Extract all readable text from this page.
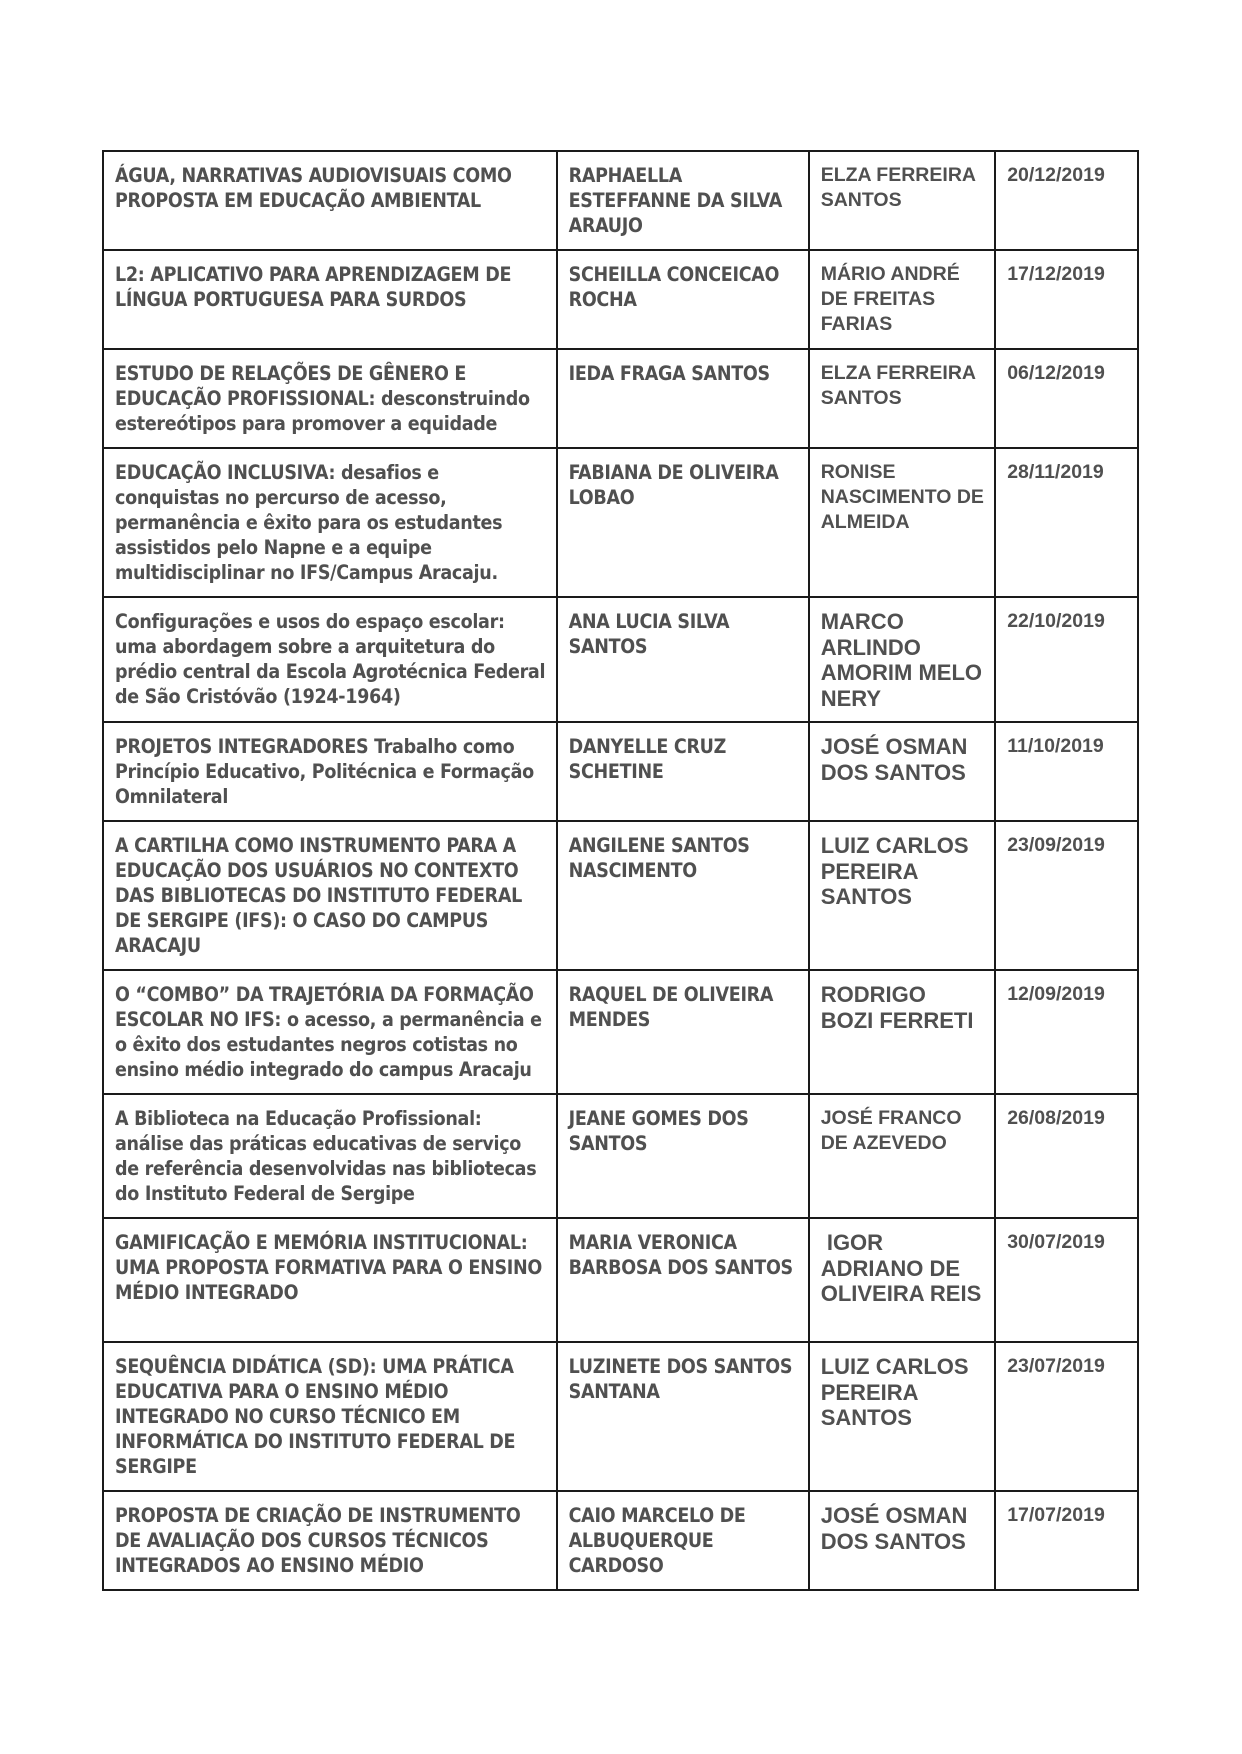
ÁGUA, NARRATIVAS AUDIOVISUAIS COMO PROPOSTA EM EDUCAÇÃO AMBIENTAL	RAPHAELLA ESTEFFANNE DA SILVA ARAUJO	ELZA FERREIRA SANTOS	20/12/2019

L2: APLICATIVO PARA APRENDIZAGEM DE LÍNGUA PORTUGUESA PARA SURDOS	SCHEILLA CONCEICAO ROCHA	MÁRIO ANDRÉ DE FREITAS FARIAS	17/12/2019

ESTUDO DE RELAÇÕES DE GÊNERO E EDUCAÇÃO PROFISSIONAL: desconstruindo estereótipos para promover a equidade	IEDA FRAGA SANTOS	ELZA FERREIRA SANTOS	06/12/2019

EDUCAÇÃO INCLUSIVA: desafios e conquistas no percurso de acesso, permanência e êxito para os estudantes assistidos pelo Napne e a equipe multidisciplinar no IFS/Campus Aracaju.	FABIANA DE OLIVEIRA LOBAO	RONISE NASCIMENTO DE ALMEIDA	28/11/2019

Configurações e usos do espaço escolar: uma abordagem sobre a arquitetura do prédio central da Escola Agrotécnica Federal de São Cristóvão (1924-1964)	ANA LUCIA SILVA SANTOS	MARCO ARLINDO AMORIM MELO NERY	22/10/2019

PROJETOS INTEGRADORES Trabalho como Princípio Educativo, Politécnica e Formação Omnilateral	DANYELLE CRUZ SCHETINE	JOSÉ OSMAN DOS SANTOS	11/10/2019

A CARTILHA COMO INSTRUMENTO PARA A EDUCAÇÃO DOS USUÁRIOS NO CONTEXTO DAS BIBLIOTECAS DO INSTITUTO FEDERAL DE SERGIPE (IFS): O CASO DO CAMPUS ARACAJU	ANGILENE SANTOS NASCIMENTO	LUIZ CARLOS PEREIRA SANTOS	23/09/2019

O “COMBO” DA TRAJETÓRIA DA FORMAÇÃO ESCOLAR NO IFS: o acesso, a permanência e o êxito dos estudantes negros cotistas no ensino médio integrado do campus Aracaju	RAQUEL DE OLIVEIRA MENDES	RODRIGO BOZI FERRETI	12/09/2019

A Biblioteca na Educação Profissional: análise das práticas educativas de serviço de referência desenvolvidas nas bibliotecas do Instituto Federal de Sergipe	JEANE GOMES DOS SANTOS	JOSÉ FRANCO DE AZEVEDO	26/08/2019

GAMIFICAÇÃO E MEMÓRIA INSTITUCIONAL: UMA PROPOSTA FORMATIVA PARA O ENSINO MÉDIO INTEGRADO	MARIA VERONICA BARBOSA DOS SANTOS	IGOR ADRIANO DE OLIVEIRA REIS	30/07/2019

SEQUÊNCIA DIDÁTICA (SD): UMA PRÁTICA EDUCATIVA PARA O ENSINO MÉDIO INTEGRADO NO CURSO TÉCNICO EM INFORMÁTICA DO INSTITUTO FEDERAL DE SERGIPE	LUZINETE DOS SANTOS SANTANA	LUIZ CARLOS PEREIRA SANTOS	23/07/2019

PROPOSTA DE CRIAÇÃO DE INSTRUMENTO DE AVALIAÇÃO DOS CURSOS TÉCNICOS INTEGRADOS AO ENSINO MÉDIO	CAIO MARCELO DE ALBUQUERQUE CARDOSO	JOSÉ OSMAN DOS SANTOS	17/07/2019
